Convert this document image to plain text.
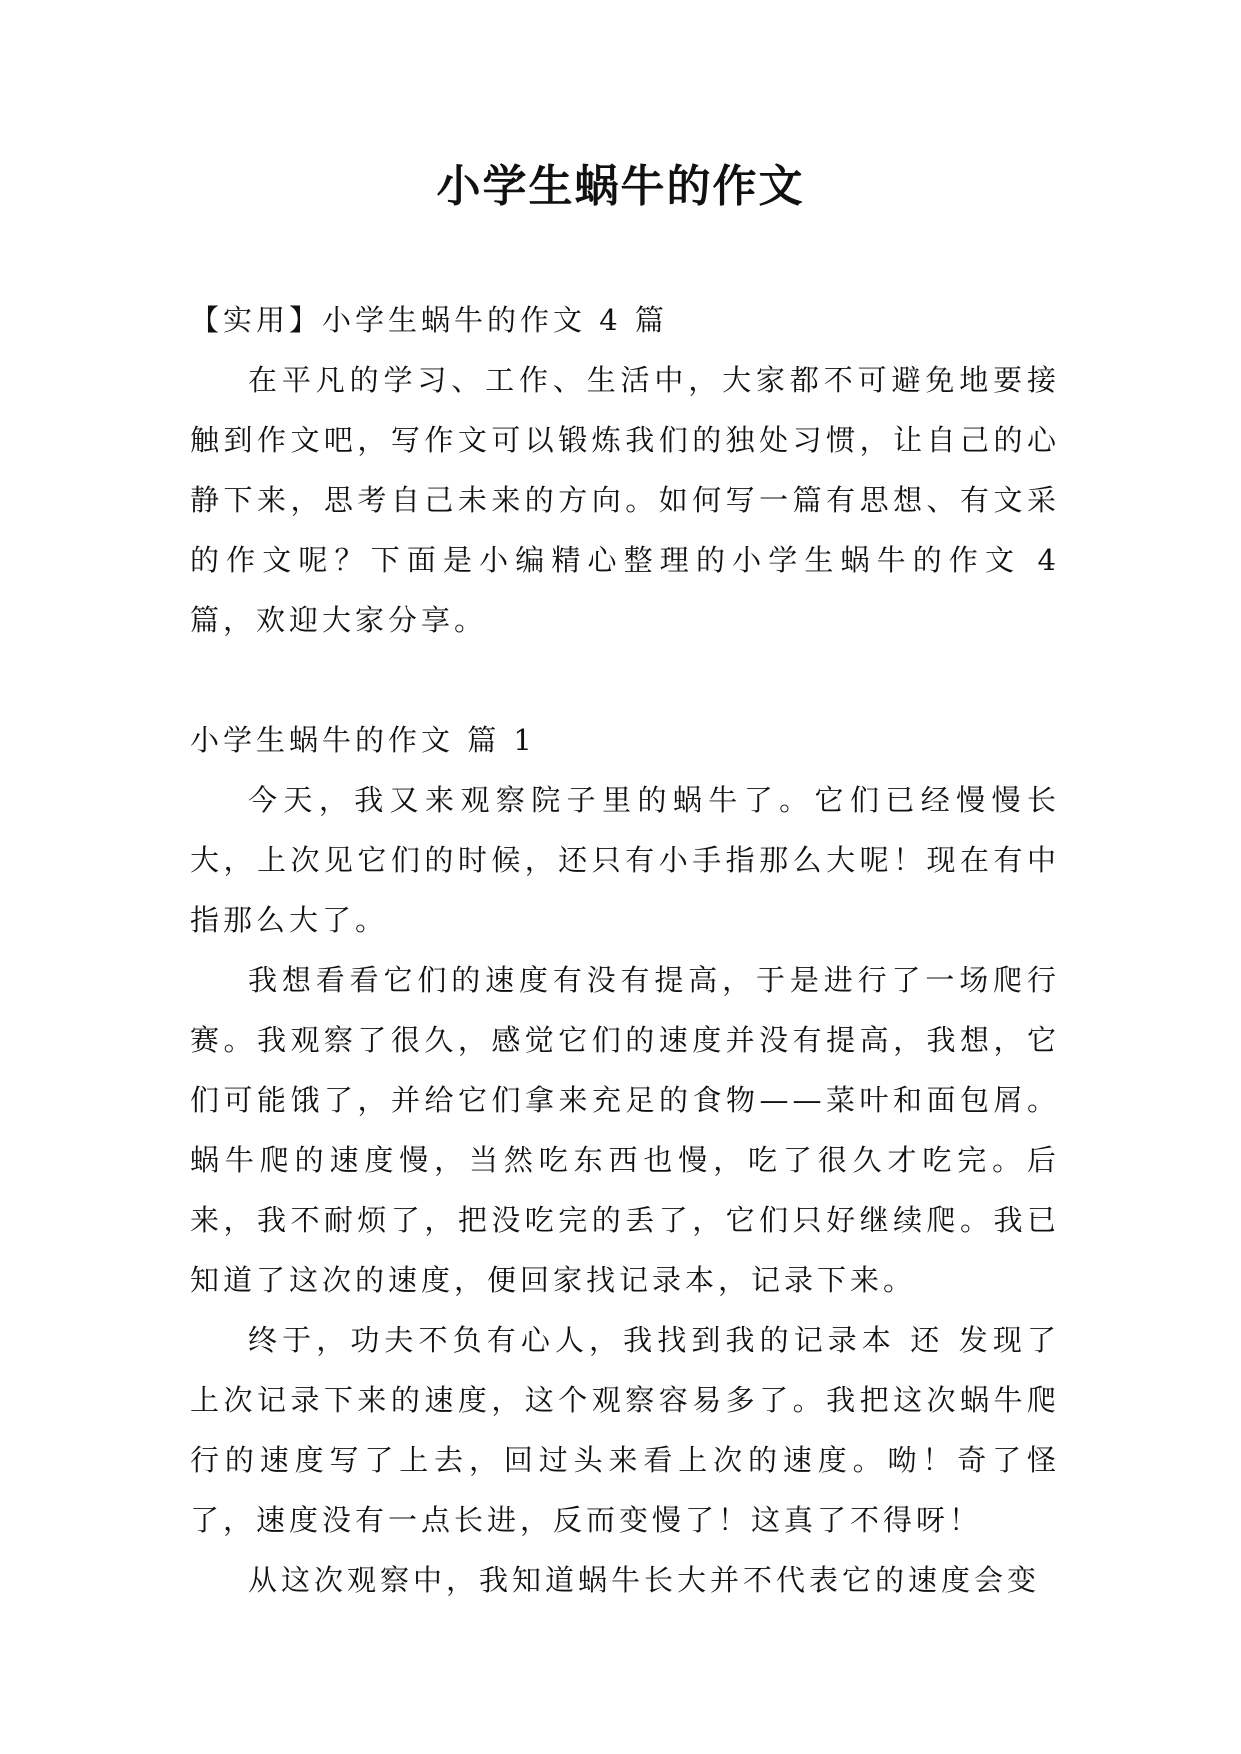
小学生蜗牛的作文

【实用】小学生蜗牛的作文 4 篇

在平凡的学习、工作、生活中，大家都不可避免地要接触到作文吧，写作文可以锻炼我们的独处习惯，让自己的心静下来，思考自己未来的方向。如何写一篇有思想、有文采的作文呢？下面是小编精心整理的小学生蜗牛的作文 4 篇，欢迎大家分享。

小学生蜗牛的作文 篇 1

今天，我又来观察院子里的蜗牛了。它们已经慢慢长大，上次见它们的时候，还只有小手指那么大呢！现在有中指那么大了。

我想看看它们的速度有没有提高，于是进行了一场爬行赛。我观察了很久，感觉它们的速度并没有提高，我想，它们可能饿了，并给它们拿来充足的食物——菜叶和面包屑。蜗牛爬的速度慢，当然吃东西也慢，吃了很久才吃完。后来，我不耐烦了，把没吃完的丢了，它们只好继续爬。我已知道了这次的速度，便回家找记录本，记录下来。

终于，功夫不负有心人，我找到我的记录本 还 发现了上次记录下来的速度，这个观察容易多了。我把这次蜗牛爬行的速度写了上去，回过头来看上次的速度。呦！奇了怪了，速度没有一点长进，反而变慢了！这真了不得呀！

从这次观察中，我知道蜗牛长大并不代表它的速度会变
